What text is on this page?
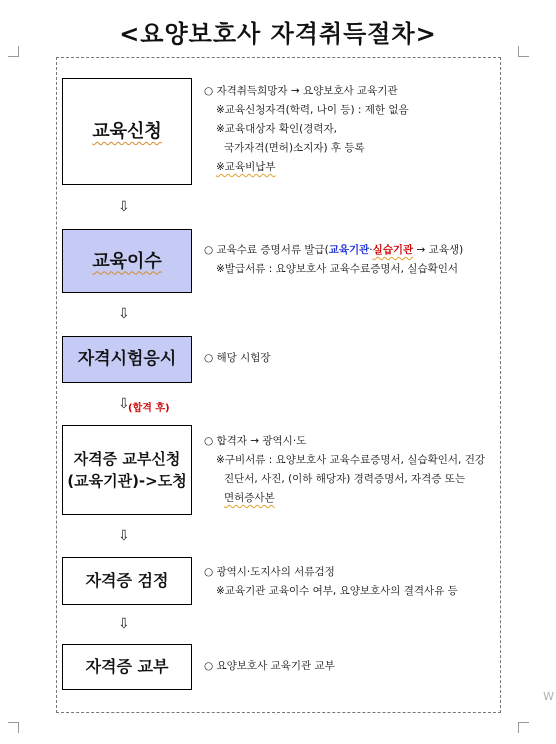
<요양보호사 자격취득절차>
교육신청
○ 자격취득희망자 → 요양보호사 교육기관
※교육신청자격(학력, 나이 등) : 제한 없음
※교육대상자 확인(경력자,
국가자격(면허)소지자) 후 등록
※교육비납부
⇩
교육이수
○ 교육수료 증명서류 발급(교육기관·실습기관 → 교육생)
※발급서류 : 요양보호사 교육수료증명서, 실습확인서
⇩
자격시험응시	○ 해당 시험장
⇩
(합격 후)
자격증 교부신청
(교육기관)->도청
○ 합격자 → 광역시·도
※구비서류 : 요양보호사 교육수료증명서, 실습확인서, 건강
진단서, 사진, (이하 해당자) 경력증명서, 자격증 또는
면허증사본
⇩
자격증 검정	○ 광역시·도지사의 서류검정
※교육기관 교육이수 여부, 요양보호사의 결격사유 등
⇩
자격증 교부	○ 요양보호사 교육기관 교부
W
